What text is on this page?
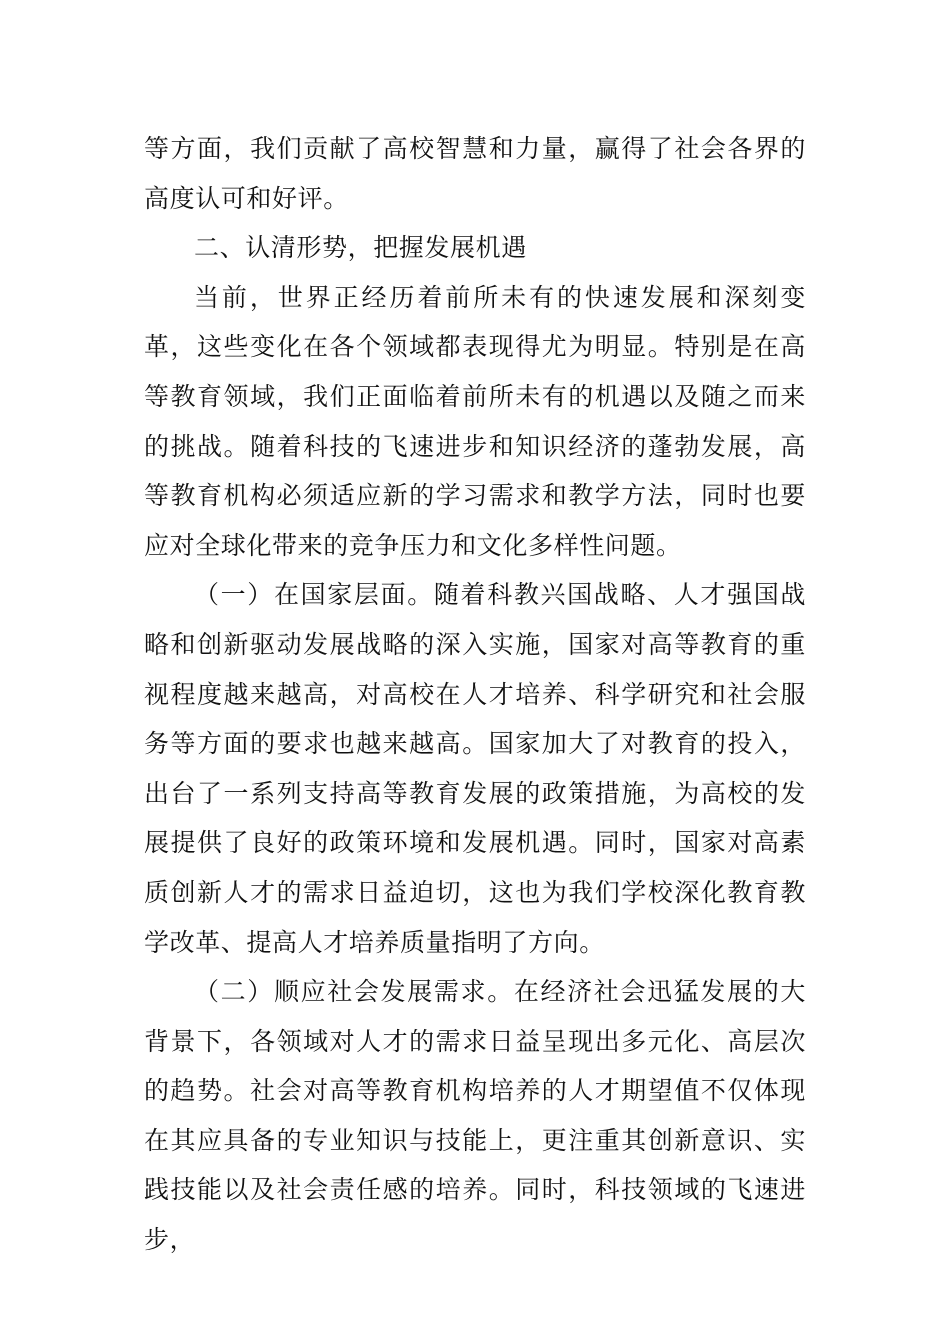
等方面，我们贡献了高校智慧和力量，赢得了社会各界的高度认可和好评。

二、认清形势，把握发展机遇

当前，世界正经历着前所未有的快速发展和深刻变革，这些变化在各个领域都表现得尤为明显。特别是在高等教育领域，我们正面临着前所未有的机遇以及随之而来的挑战。随着科技的飞速进步和知识经济的蓬勃发展，高等教育机构必须适应新的学习需求和教学方法，同时也要应对全球化带来的竞争压力和文化多样性问题。

（一）在国家层面。随着科教兴国战略、人才强国战略和创新驱动发展战略的深入实施，国家对高等教育的重视程度越来越高，对高校在人才培养、科学研究和社会服务等方面的要求也越来越高。国家加大了对教育的投入，出台了一系列支持高等教育发展的政策措施，为高校的发展提供了良好的政策环境和发展机遇。同时，国家对高素质创新人才的需求日益迫切，这也为我们学校深化教育教学改革、提高人才培养质量指明了方向。

（二）顺应社会发展需求。在经济社会迅猛发展的大背景下，各领域对人才的需求日益呈现出多元化、高层次的趋势。社会对高等教育机构培养的人才期望值不仅体现在其应具备的专业知识与技能上，更注重其创新意识、实践技能以及社会责任感的培养。同时，科技领域的飞速进步，
